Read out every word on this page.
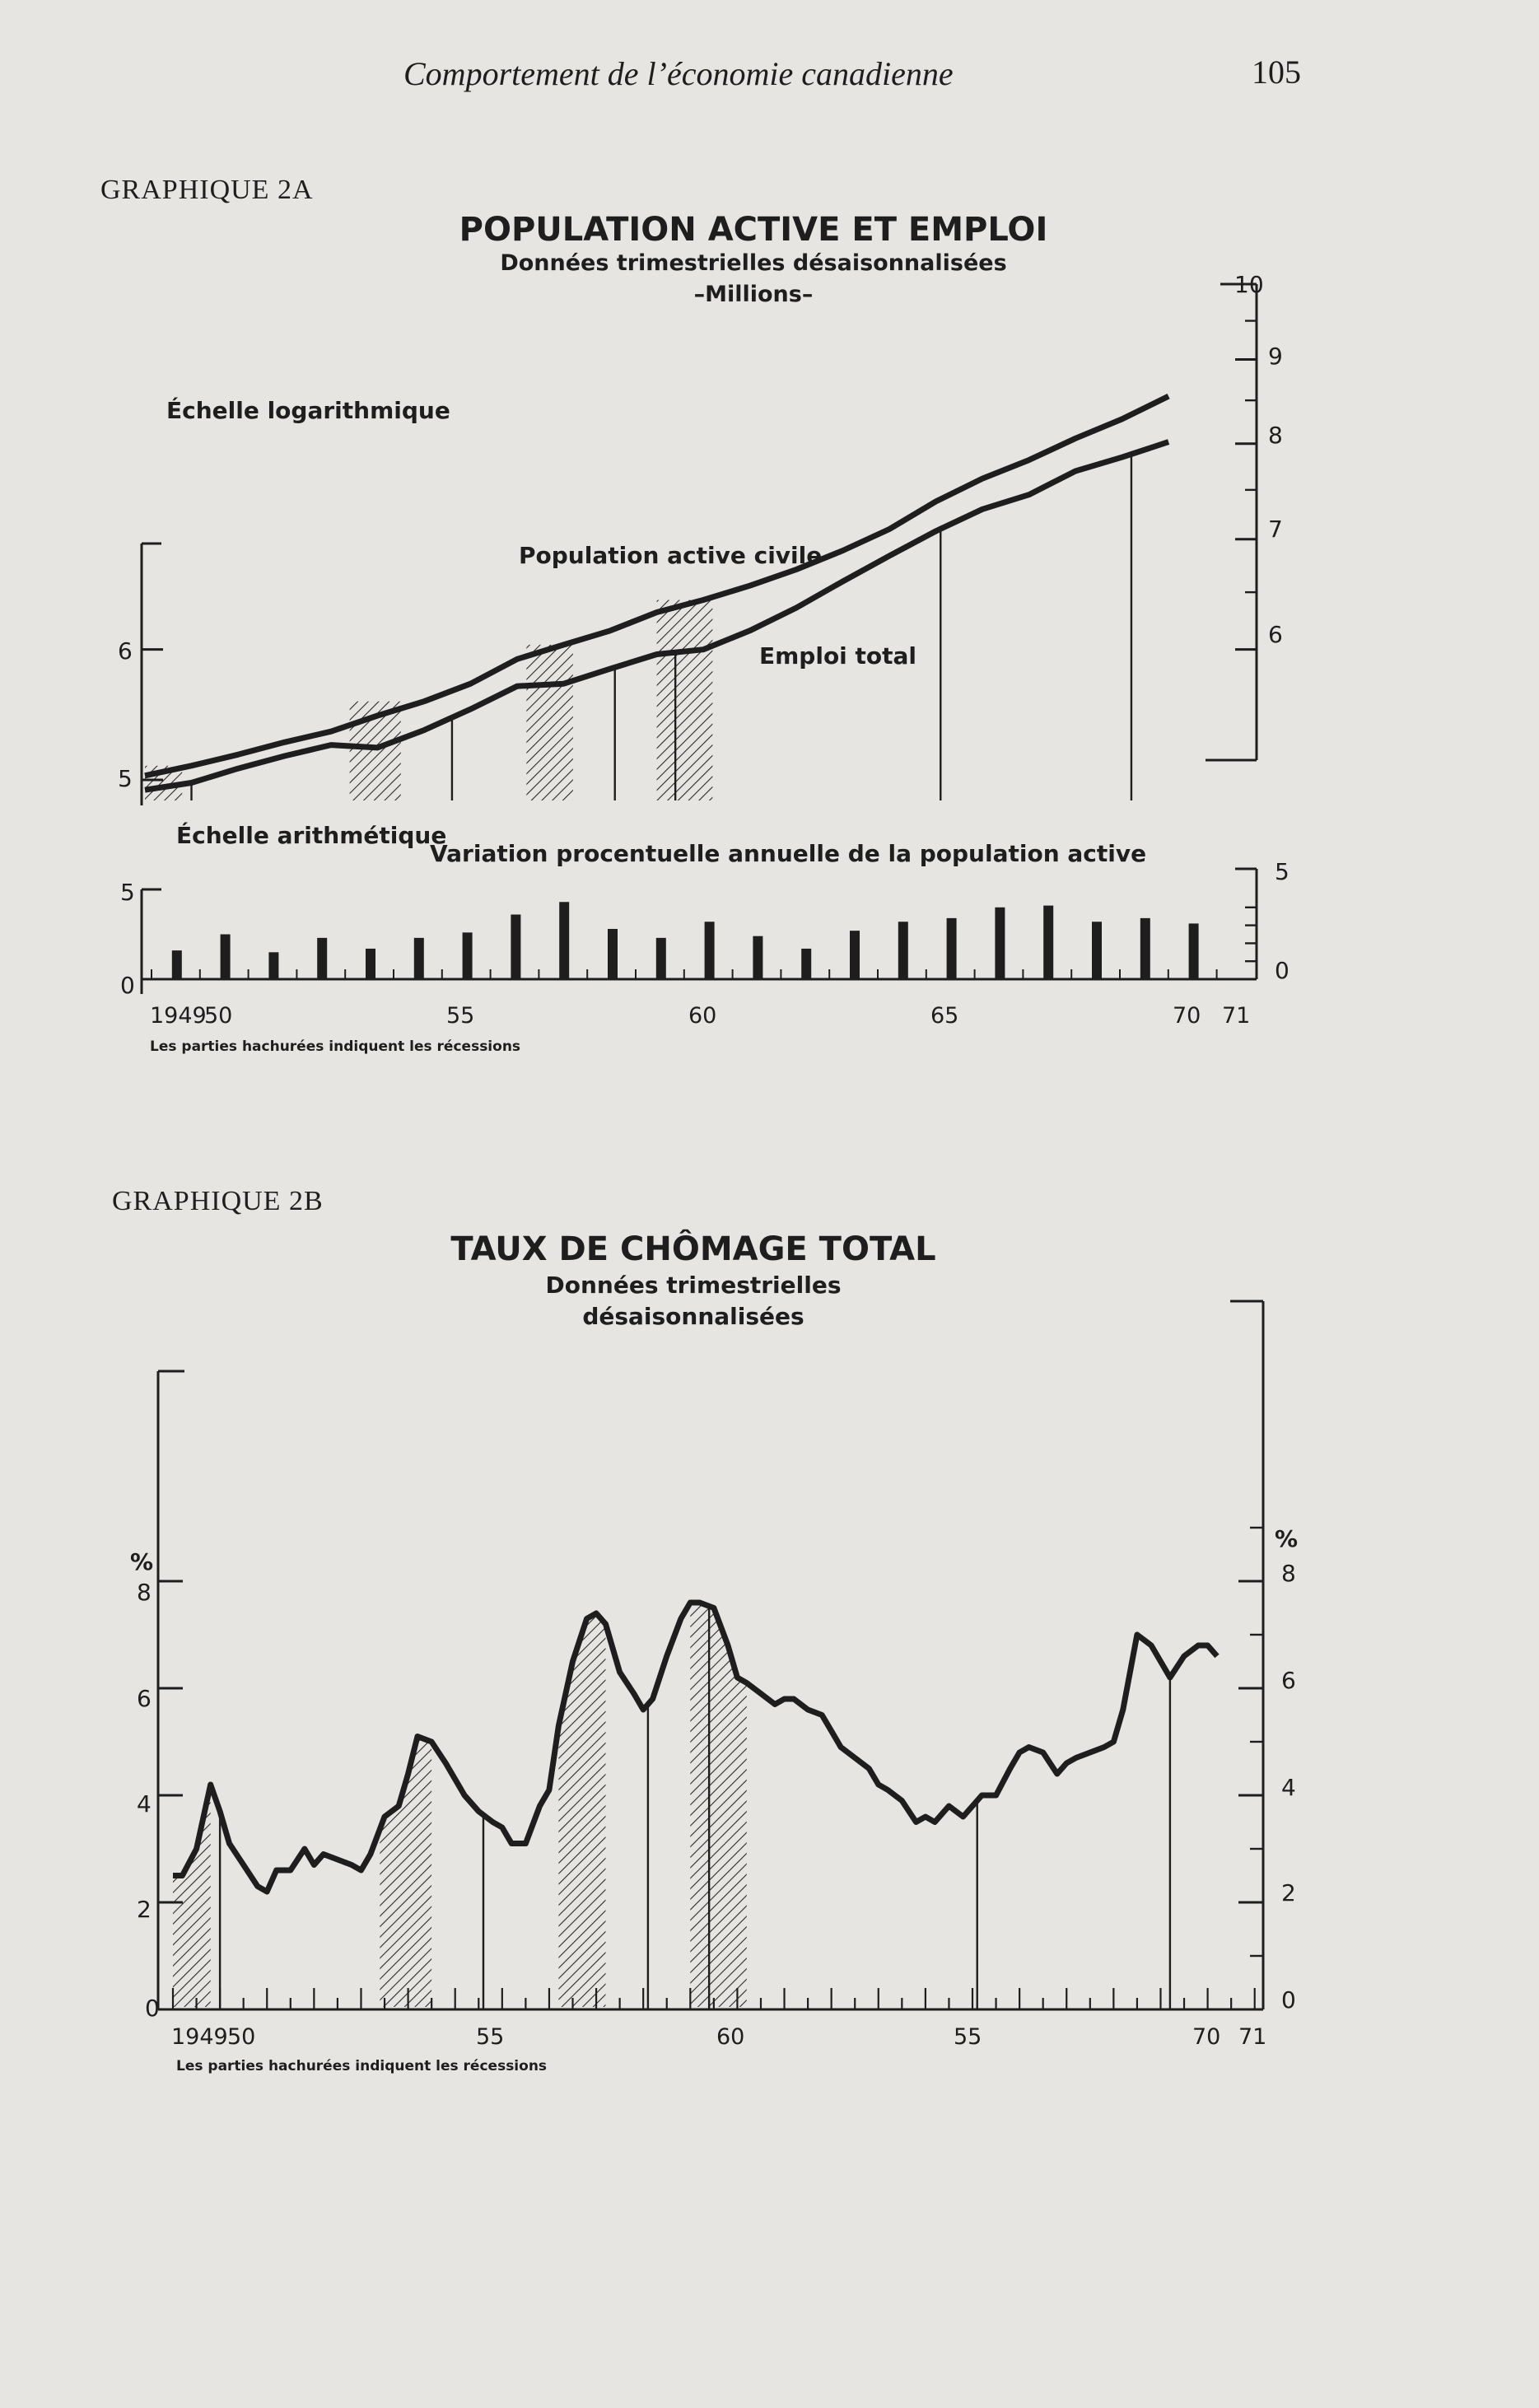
Comportement de l’économie canadienne	105
GRAPHIQUE 2A
GRAPHIQUE 2B
POPULATION ACTIVE ET EMPLOI
Données trimestrielles désaisonnalisées
–Millions–
Échelle logarithmique
10
9
8
7
6
6
5
Population active civile
Emploi total
Échelle arithmétique
Variation procentuelle annuelle de la population active
5
0
5
0
1949
50	55	60	65	70 71
Les parties hachurées indiquent les récessions
TAUX DE CHÔMAGE TOTAL
Données trimestrielles
désaisonnalisées
%
%
8
6
4
2
0
8
6
4
2
0
1949 50	55	60	55	70 71
Les parties hachurées indiquent les récessions
